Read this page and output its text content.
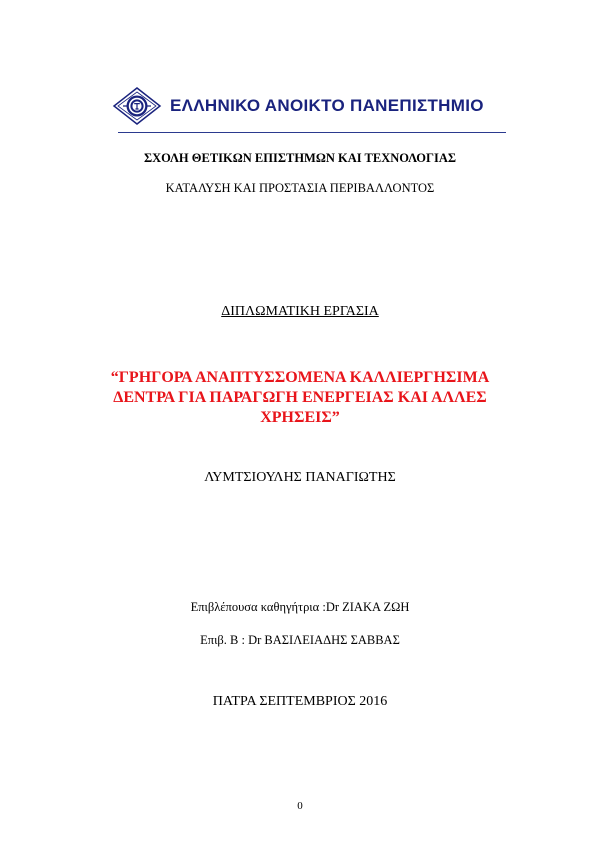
ΕΛΛΗΝΙΚΟ ΑΝΟΙΚΤΟ ΠΑΝΕΠΙΣΤΗΜΙΟ
ΣΧΟΛΗ ΘΕΤΙΚΩΝ ΕΠΙΣΤΗΜΩΝ ΚΑΙ ΤΕΧΝΟΛΟΓΙΑΣ
ΚΑΤΑΛΥΣΗ ΚΑΙ ΠΡΟΣΤΑΣΙΑ ΠΕΡΙΒΑΛΛΟΝΤΟΣ
ΔΙΠΛΩΜΑΤΙΚΗ ΕΡΓΑΣΙΑ
“ΓΡΗΓΟΡΑ ΑΝΑΠΤΥΣΣΟΜΕΝΑ ΚΑΛΛΙΕΡΓΗΣΙΜΑ
ΔΕΝΤΡΑ ΓΙΑ ΠΑΡΑΓΩΓΗ ΕΝΕΡΓΕΙΑΣ ΚΑΙ ΑΛΛΕΣ
ΧΡΗΣΕΙΣ”
ΛΥΜΤΣΙΟΥΛΗΣ ΠΑΝΑΓΙΩΤΗΣ
Επιβλέπουσα καθηγήτρια :Dr ΖΙΑΚΑ ΖΩΗ
Επιβ. Β : Dr ΒΑΣΙΛΕΙΑΔΗΣ ΣΑΒΒΑΣ
ΠΑΤΡΑ ΣΕΠΤΕΜΒΡΙΟΣ 2016
0
